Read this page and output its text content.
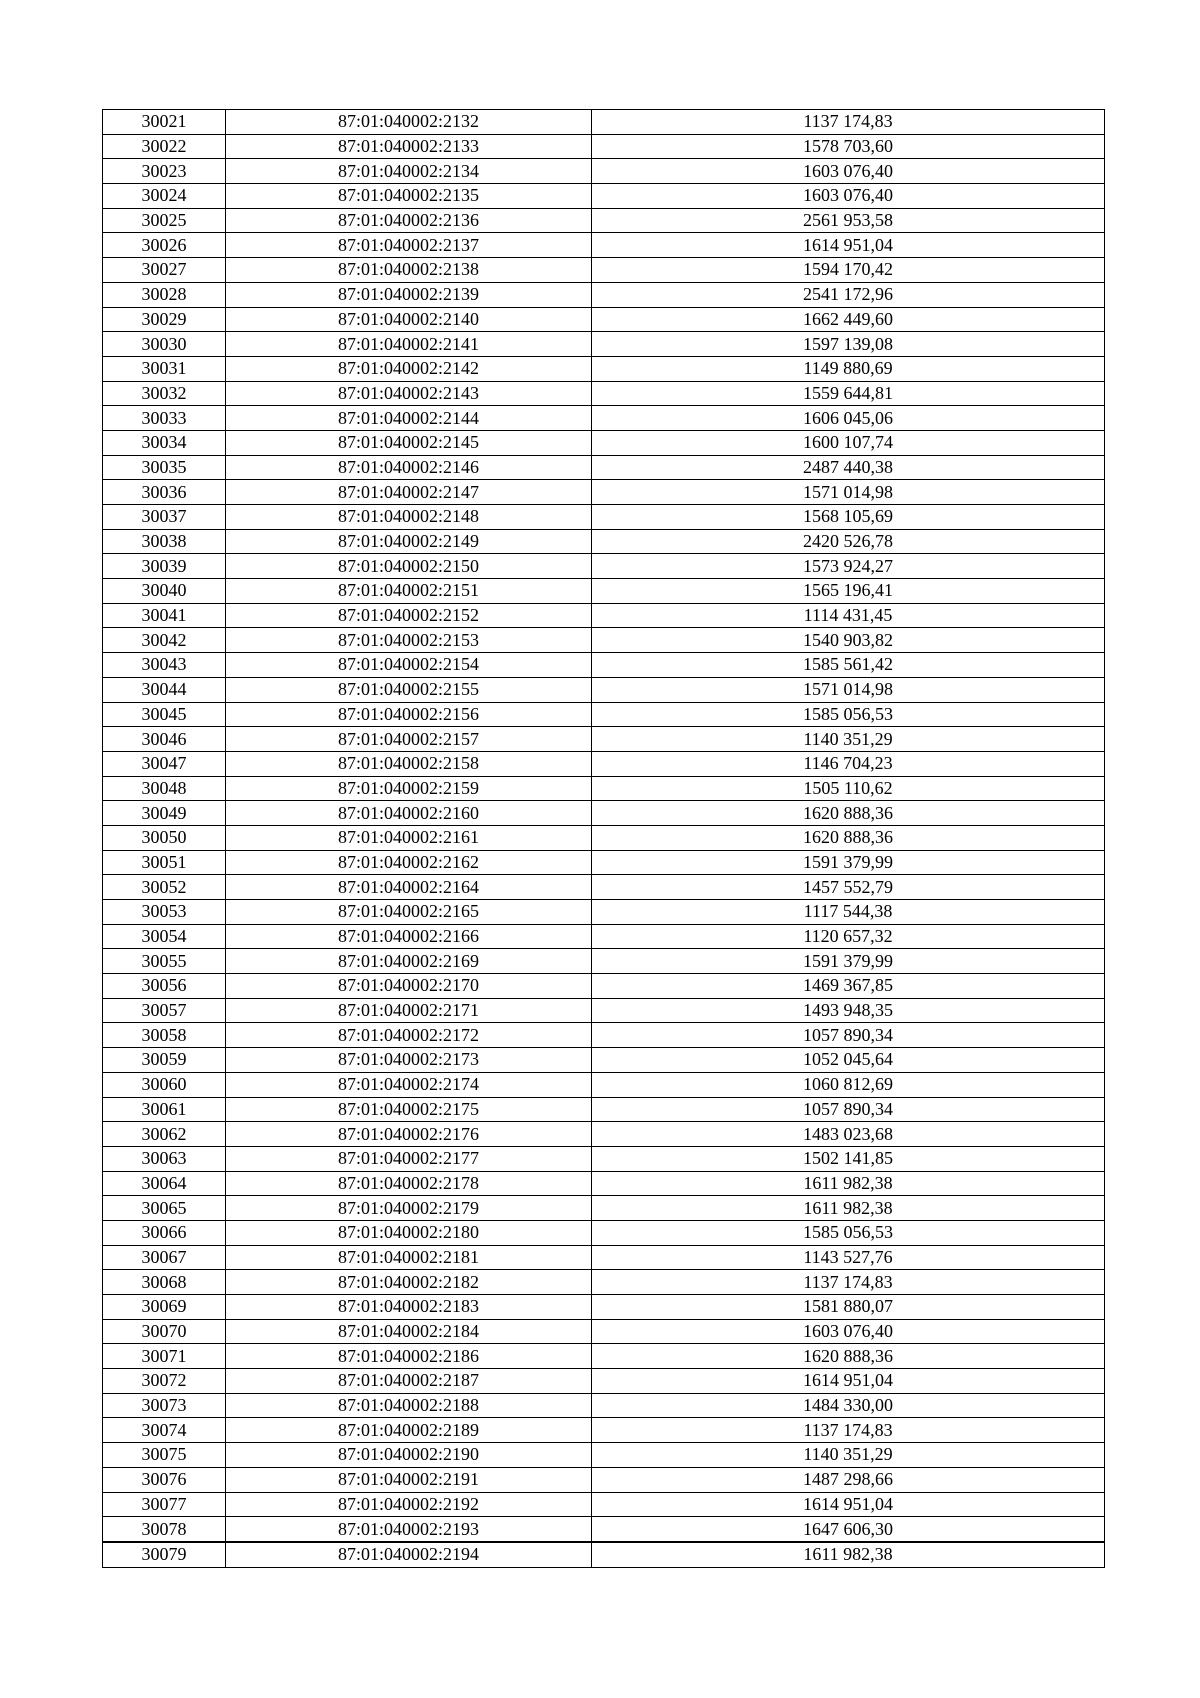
30021	87:01:040002:2132	1137 174,83
30022	87:01:040002:2133	1578 703,60
30023	87:01:040002:2134	1603 076,40
30024	87:01:040002:2135	1603 076,40
30025	87:01:040002:2136	2561 953,58
30026	87:01:040002:2137	1614 951,04
30027	87:01:040002:2138	1594 170,42
30028	87:01:040002:2139	2541 172,96
30029	87:01:040002:2140	1662 449,60
30030	87:01:040002:2141	1597 139,08
30031	87:01:040002:2142	1149 880,69
30032	87:01:040002:2143	1559 644,81
30033	87:01:040002:2144	1606 045,06
30034	87:01:040002:2145	1600 107,74
30035	87:01:040002:2146	2487 440,38
30036	87:01:040002:2147	1571 014,98
30037	87:01:040002:2148	1568 105,69
30038	87:01:040002:2149	2420 526,78
30039	87:01:040002:2150	1573 924,27
30040	87:01:040002:2151	1565 196,41
30041	87:01:040002:2152	1114 431,45
30042	87:01:040002:2153	1540 903,82
30043	87:01:040002:2154	1585 561,42
30044	87:01:040002:2155	1571 014,98
30045	87:01:040002:2156	1585 056,53
30046	87:01:040002:2157	1140 351,29
30047	87:01:040002:2158	1146 704,23
30048	87:01:040002:2159	1505 110,62
30049	87:01:040002:2160	1620 888,36
30050	87:01:040002:2161	1620 888,36
30051	87:01:040002:2162	1591 379,99
30052	87:01:040002:2164	1457 552,79
30053	87:01:040002:2165	1117 544,38
30054	87:01:040002:2166	1120 657,32
30055	87:01:040002:2169	1591 379,99
30056	87:01:040002:2170	1469 367,85
30057	87:01:040002:2171	1493 948,35
30058	87:01:040002:2172	1057 890,34
30059	87:01:040002:2173	1052 045,64
30060	87:01:040002:2174	1060 812,69
30061	87:01:040002:2175	1057 890,34
30062	87:01:040002:2176	1483 023,68
30063	87:01:040002:2177	1502 141,85
30064	87:01:040002:2178	1611 982,38
30065	87:01:040002:2179	1611 982,38
30066	87:01:040002:2180	1585 056,53
30067	87:01:040002:2181	1143 527,76
30068	87:01:040002:2182	1137 174,83
30069	87:01:040002:2183	1581 880,07
30070	87:01:040002:2184	1603 076,40
30071	87:01:040002:2186	1620 888,36
30072	87:01:040002:2187	1614 951,04
30073	87:01:040002:2188	1484 330,00
30074	87:01:040002:2189	1137 174,83
30075	87:01:040002:2190	1140 351,29
30076	87:01:040002:2191	1487 298,66
30077	87:01:040002:2192	1614 951,04
30078	87:01:040002:2193	1647 606,30
30079	87:01:040002:2194	1611 982,38
